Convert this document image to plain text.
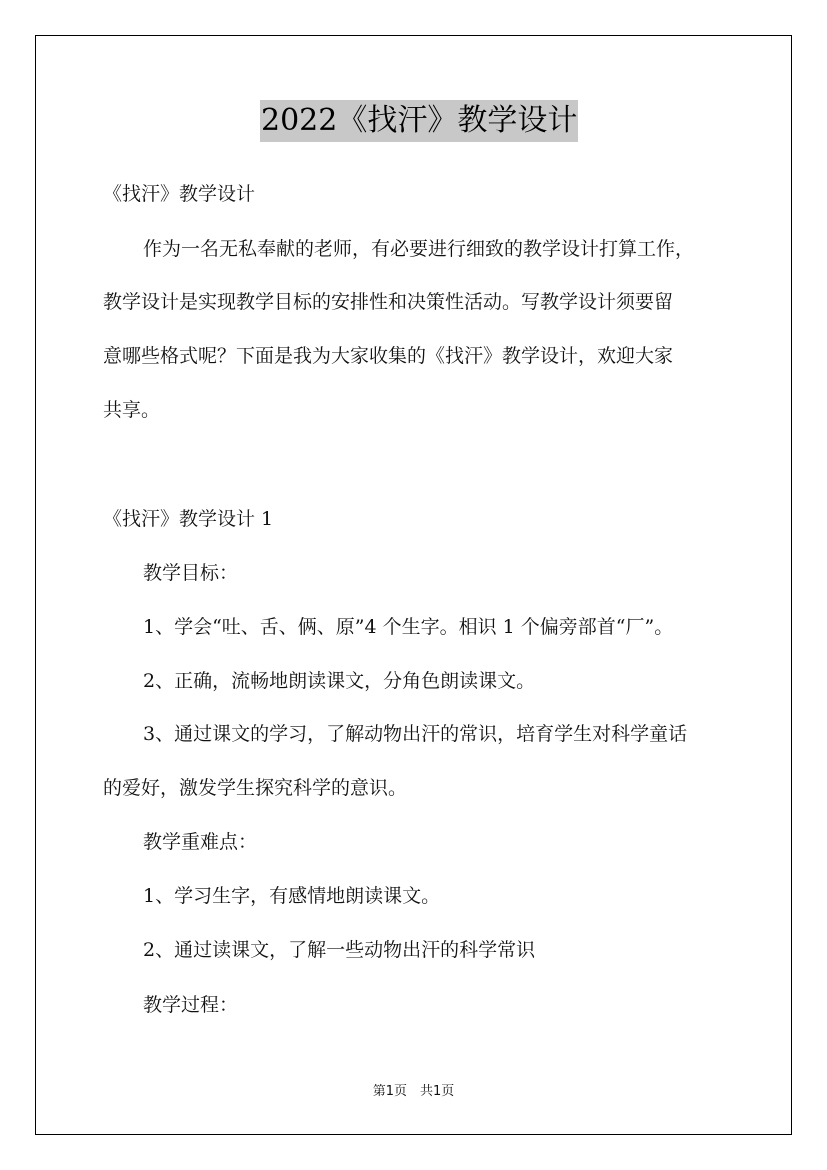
2022《找汗》教学设计
《找汗》教学设计
作为一名无私奉献的老师，有必要进行细致的教学设计打算工作，
教学设计是实现教学目标的安排性和决策性活动。写教学设计须要留
意哪些格式呢？下面是我为大家收集的《找汗》教学设计，欢迎大家
共享。
《找汗》教学设计 1
教学目标：
1、学会“吐、舌、俩、原”4 个生字。相识 1 个偏旁部首“厂”。
2、正确，流畅地朗读课文，分角色朗读课文。
3、通过课文的学习，了解动物出汗的常识，培育学生对科学童话
的爱好，激发学生探究科学的意识。
教学重难点：
1、学习生字，有感情地朗读课文。
2、通过读课文，了解一些动物出汗的科学常识
教学过程：
第1页　共1页
